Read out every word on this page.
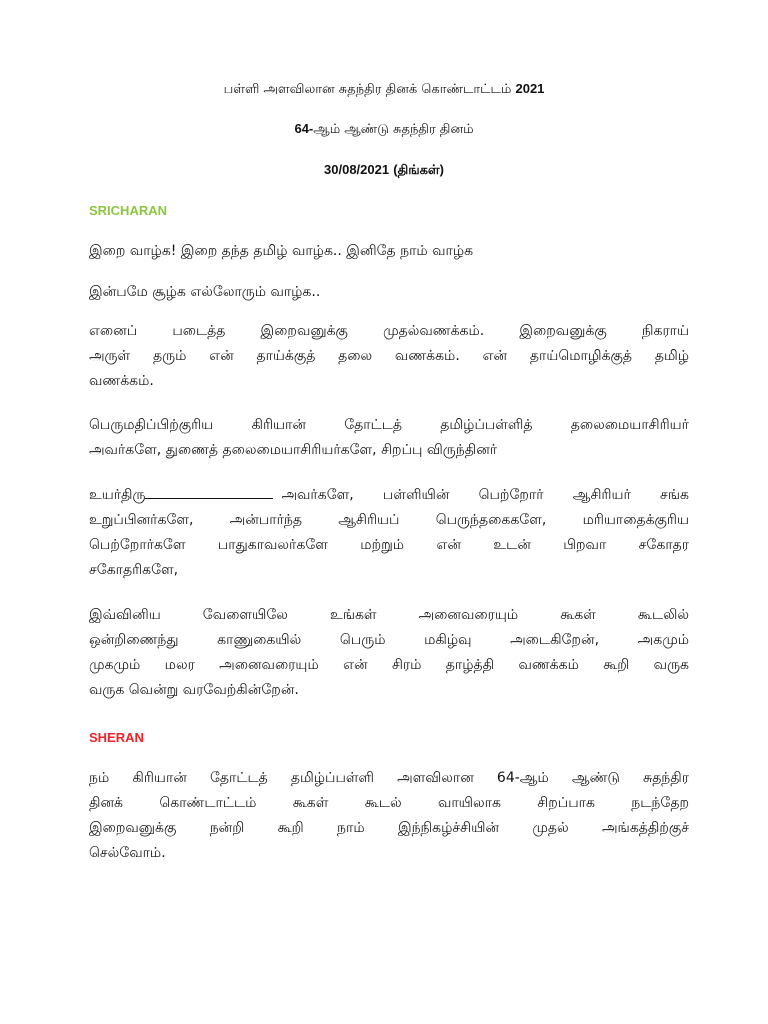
பள்ளி அளவிலான சுதந்திர தினக் கொண்டாட்டம் 2021
64-ஆம் ஆண்டு சுதந்திர தினம்
30/08/2021 (திங்கள்)
SRICHARAN
இறை வாழ்க! இறை தந்த தமிழ் வாழ்க.. இனிதே நாம் வாழ்க
இன்பமே சூழ்க எல்லோரும் வாழ்க..
எனைப் படைத்த இறைவனுக்கு முதல்வணக்கம். இறைவனுக்கு நிகராய்
அருள் தரும் என் தாய்க்குத் தலை வணக்கம். என் தாய்மொழிக்குத் தமிழ்
வணக்கம்.
பெருமதிப்பிற்குரிய கிரியான் தோட்டத் தமிழ்ப்பள்ளித் தலைமையாசிரியர்
அவர்களே, துணைத் தலைமையாசிரியர்களே, சிறப்பு விருந்தினர்
உயர்திரு	அவர்களே, பள்ளியின் பெற்றோர் ஆசிரியர் சங்க
உறுப்பினர்களே, அன்பார்ந்த ஆசிரியப் பெருந்தகைகளே, மரியாதைக்குரிய
பெற்றோர்களே பாதுகாவலர்களே மற்றும் என் உடன் பிறவா சகோதர
சகோதரிகளே,
இவ்வினிய வேளையிலே உங்கள் அனைவரையும் கூகள் கூடலில்
ஒன்றிணைந்து காணுகையில் பெரும் மகிழ்வு அடைகிறேன், அகமும்
முகமும் மலர அனைவரையும் என் சிரம் தாழ்த்தி வணக்கம் கூறி வருக
வருக வென்று வரவேற்கின்றேன்.
SHERAN
நம் கிரியான் தோட்டத் தமிழ்ப்பள்ளி அளவிலான 64-ஆம் ஆண்டு சுதந்திர
தினக் கொண்டாட்டம் கூகள் கூடல் வாயிலாக சிறப்பாக நடந்தேற
இறைவனுக்கு நன்றி கூறி நாம் இந்நிகழ்ச்சியின் முதல் அங்கத்திற்குச்
செல்வோம்.
